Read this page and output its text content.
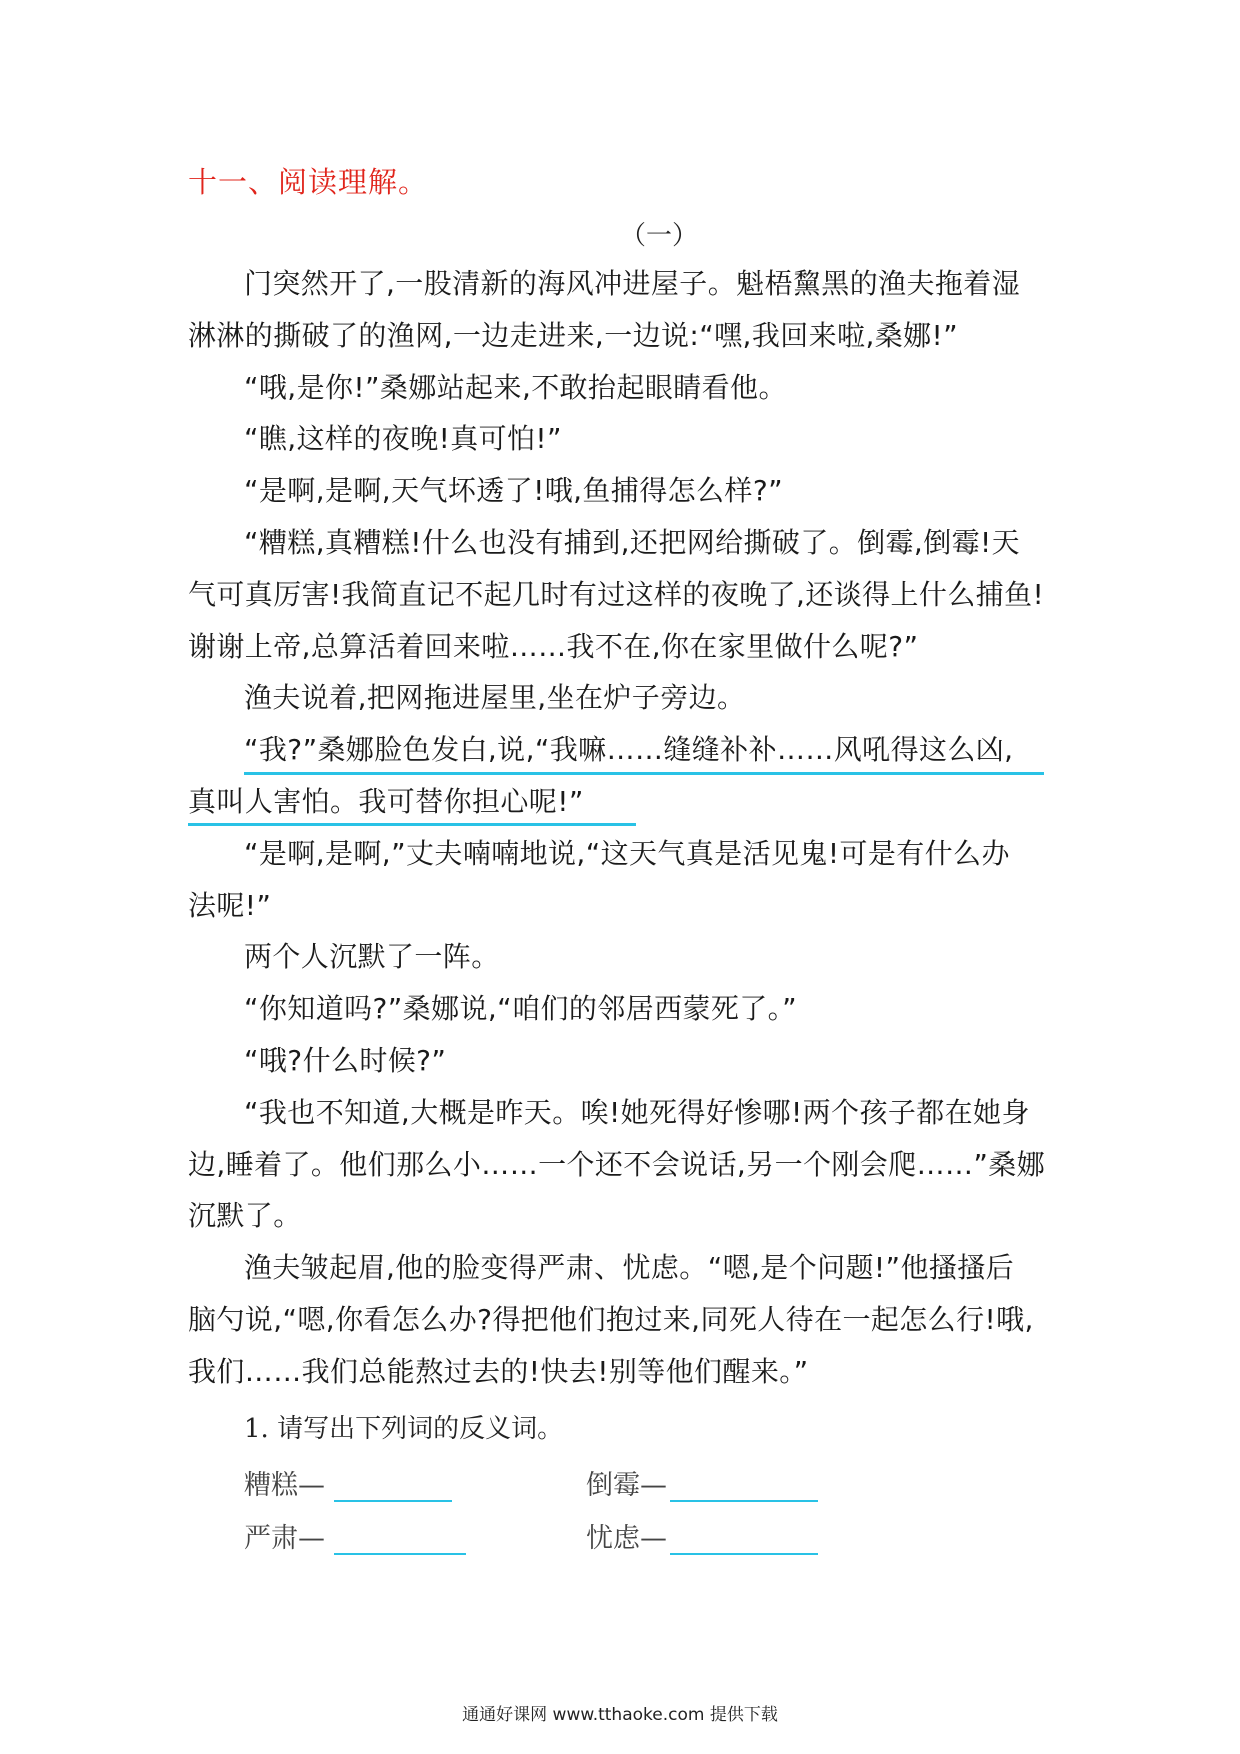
十一、阅读理解。
（一）
门突然开了,一股清新的海风冲进屋子。魁梧黧黑的渔夫拖着湿
淋淋的撕破了的渔网,一边走进来,一边说:“嘿,我回来啦,桑娜!”
“哦,是你!”桑娜站起来,不敢抬起眼睛看他。
“瞧,这样的夜晚!真可怕!”
“是啊,是啊,天气坏透了!哦,鱼捕得怎么样?”
“糟糕,真糟糕!什么也没有捕到,还把网给撕破了。倒霉,倒霉!天
气可真厉害!我简直记不起几时有过这样的夜晚了,还谈得上什么捕鱼!
谢谢上帝,总算活着回来啦……我不在,你在家里做什么呢?”
渔夫说着,把网拖进屋里,坐在炉子旁边。
“我?”桑娜脸色发白,说,“我嘛……缝缝补补……风吼得这么凶,
真叫人害怕。我可替你担心呢!”
“是啊,是啊,”丈夫喃喃地说,“这天气真是活见鬼!可是有什么办
法呢!”
两个人沉默了一阵。
“你知道吗?”桑娜说,“咱们的邻居西蒙死了。”
“哦?什么时候?”
“我也不知道,大概是昨天。唉!她死得好惨哪!两个孩子都在她身
边,睡着了。他们那么小……一个还不会说话,另一个刚会爬……”桑娜
沉默了。
渔夫皱起眉,他的脸变得严肃、忧虑。“嗯,是个问题!”他搔搔后
脑勺说,“嗯,你看怎么办?得把他们抱过来,同死人待在一起怎么行!哦,
我们……我们总能熬过去的!快去!别等他们醒来。”
1. 请写出下列词的反义词。
糟糕—	倒霉—
严肃—	忧虑—
通通好课网 www.tthaoke.com 提供下载
